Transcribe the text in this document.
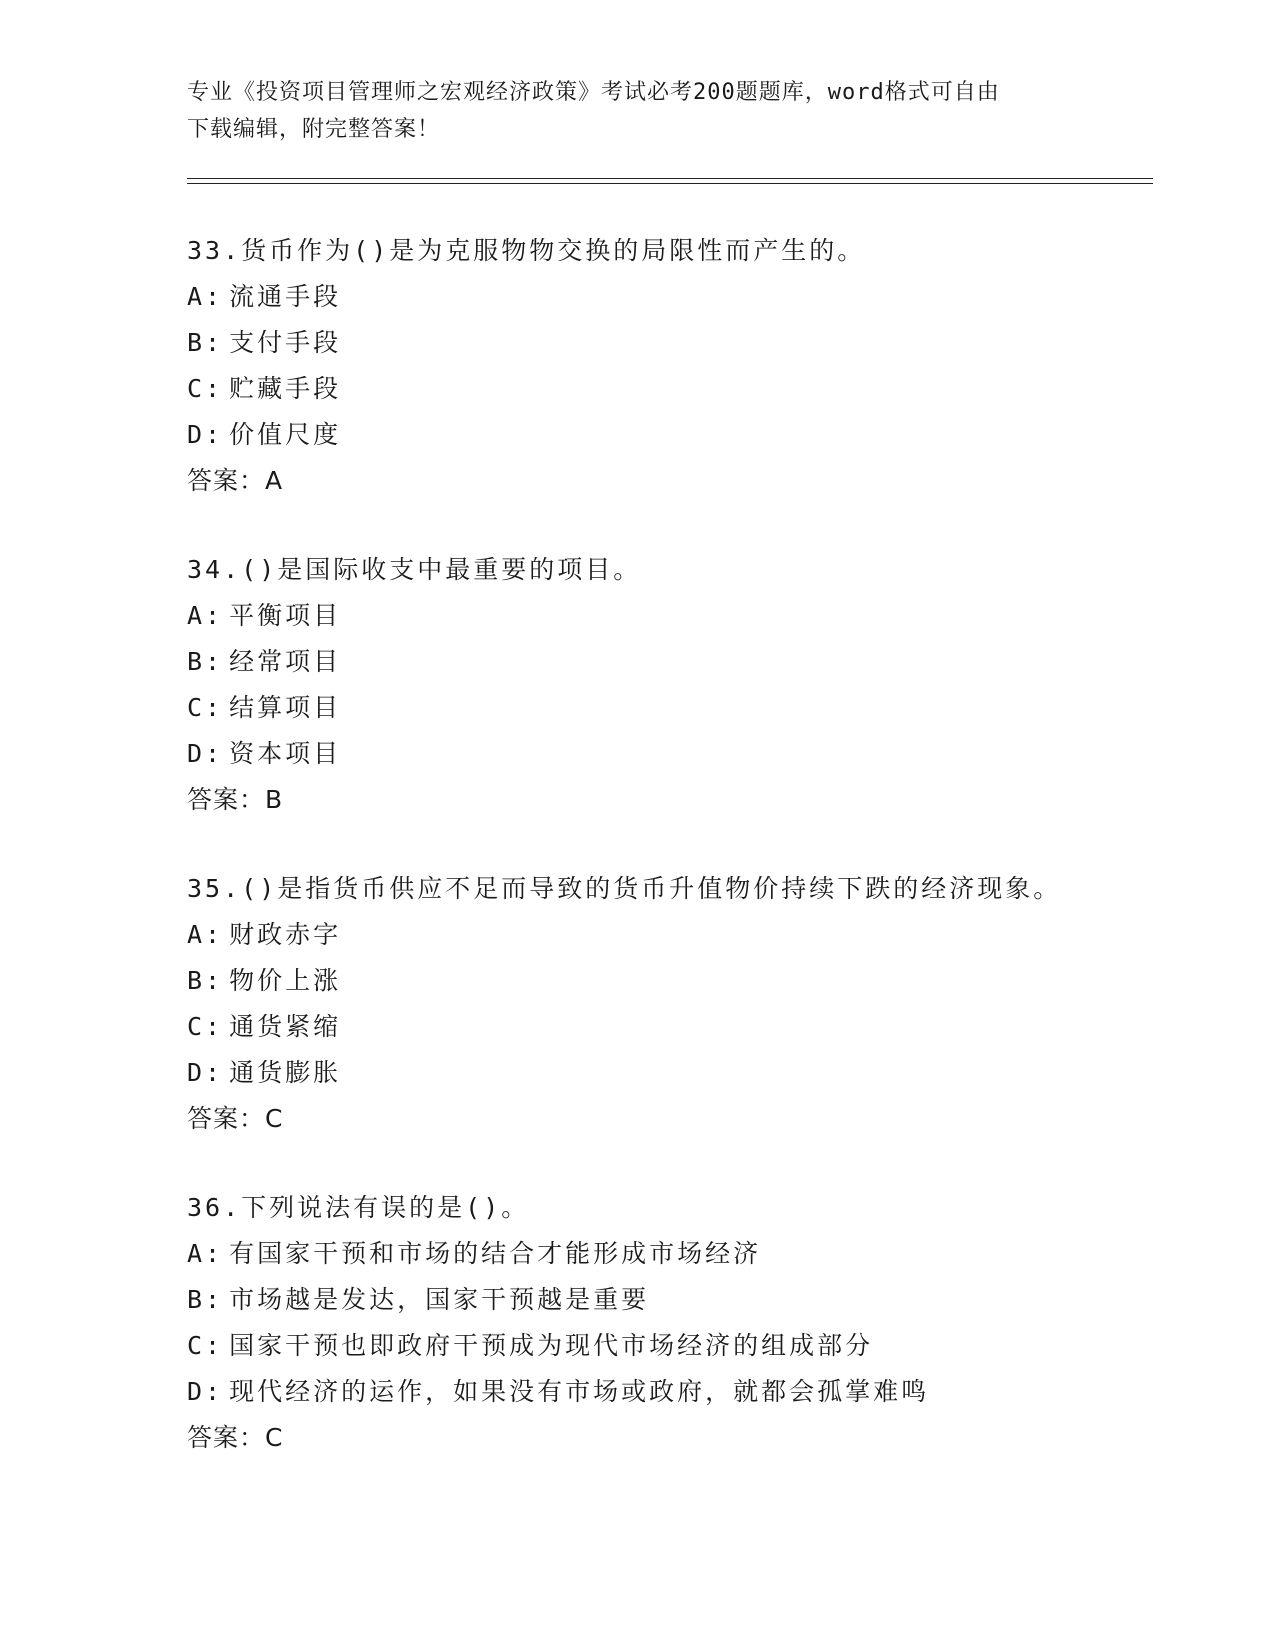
专业《投资项目管理师之宏观经济政策》考试必考200题题库，word格式可自由
下载编辑，附完整答案！
33.货币作为()是为克服物物交换的局限性而产生的。
A: 流通手段
B: 支付手段
C: 贮藏手段
D: 价值尺度
答案：A
34.()是国际收支中最重要的项目。
A: 平衡项目
B: 经常项目
C: 结算项目
D: 资本项目
答案：B
35.()是指货币供应不足而导致的货币升值物价持续下跌的经济现象。
A: 财政赤字
B: 物价上涨
C: 通货紧缩
D: 通货膨胀
答案：C
36.下列说法有误的是()。
A: 有国家干预和市场的结合才能形成市场经济
B: 市场越是发达，国家干预越是重要
C: 国家干预也即政府干预成为现代市场经济的组成部分
D: 现代经济的运作，如果没有市场或政府，就都会孤掌难鸣
答案：C
